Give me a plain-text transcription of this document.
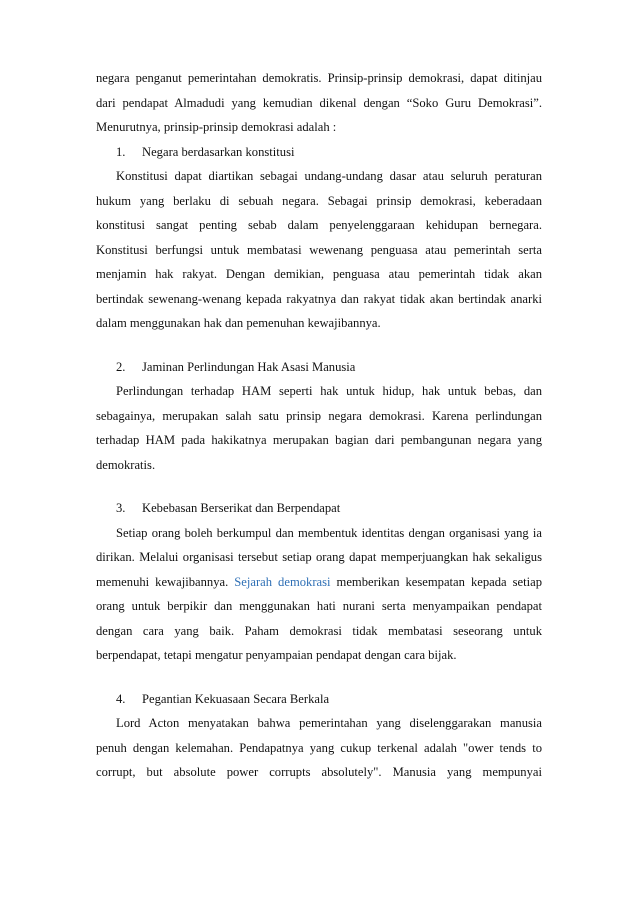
negara penganut pemerintahan demokratis. Prinsip-prinsip demokrasi, dapat ditinjau
dari pendapat Almadudi yang kemudian dikenal dengan “Soko Guru Demokrasi”.
Menurutnya, prinsip-prinsip demokrasi adalah :
1. Negara berdasarkan konstitusi
Konstitusi dapat diartikan sebagai undang-undang dasar atau seluruh peraturan
hukum yang berlaku di sebuah negara. Sebagai prinsip demokrasi, keberadaan
konstitusi sangat penting sebab dalam penyelenggaraan kehidupan bernegara.
Konstitusi berfungsi untuk membatasi wewenang penguasa atau pemerintah serta
menjamin hak rakyat. Dengan demikian, penguasa atau pemerintah tidak akan
bertindak sewenang-wenang kepada rakyatnya dan rakyat tidak akan bertindak anarki
dalam menggunakan hak dan pemenuhan kewajibannya.
2. Jaminan Perlindungan Hak Asasi Manusia
Perlindungan terhadap HAM seperti hak untuk hidup, hak untuk bebas, dan
sebagainya, merupakan salah satu prinsip negara demokrasi. Karena perlindungan
terhadap HAM pada hakikatnya merupakan bagian dari pembangunan negara yang
demokratis.
3. Kebebasan Berserikat dan Berpendapat
Setiap orang boleh berkumpul dan membentuk identitas dengan organisasi yang ia
dirikan. Melalui organisasi tersebut setiap orang dapat memperjuangkan hak sekaligus
memenuhi kewajibannya. Sejarah demokrasi memberikan kesempatan kepada setiap
orang untuk berpikir dan menggunakan hati nurani serta menyampaikan pendapat
dengan cara yang baik. Paham demokrasi tidak membatasi seseorang untuk
berpendapat, tetapi mengatur penyampaian pendapat dengan cara bijak.
4. Pegantian Kekuasaan Secara Berkala
Lord Acton menyatakan bahwa pemerintahan yang diselenggarakan manusia
penuh dengan kelemahan. Pendapatnya yang cukup terkenal adalah "ower tends to
corrupt, but absolute power corrupts absolutely". Manusia yang mempunyai
